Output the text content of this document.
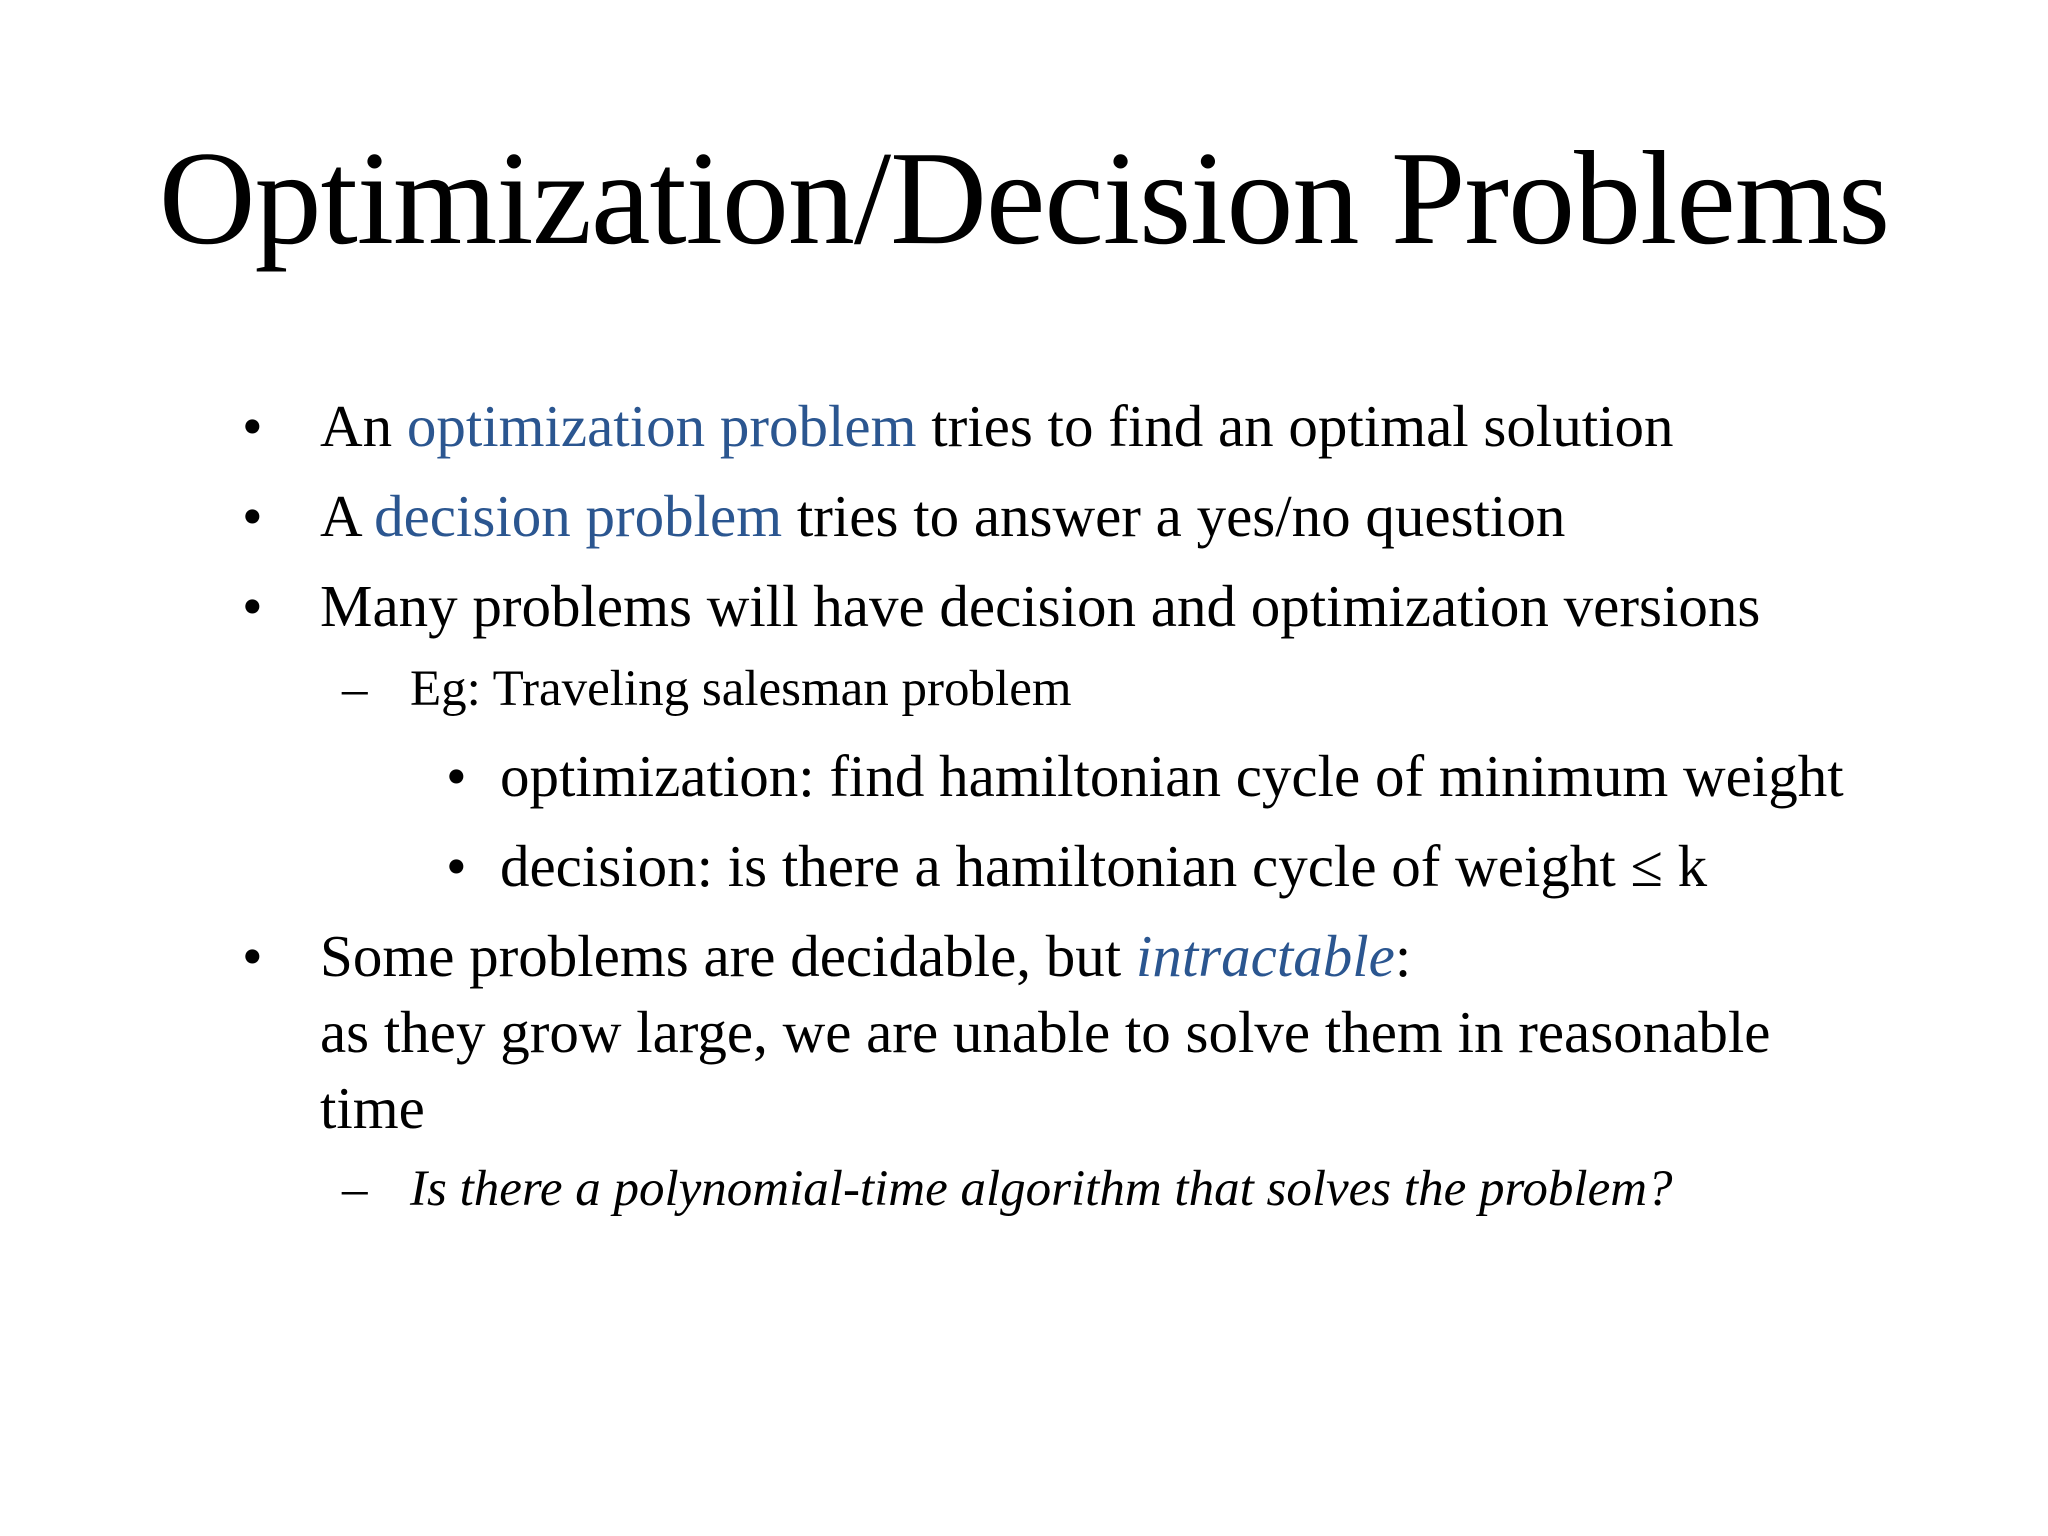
Optimization/Decision Problems
• An optimization problem tries to find an optimal solution
• A decision problem tries to answer a yes/no question
• Many problems will have decision and optimization versions
– Eg: Traveling salesman problem
• optimization: find hamiltonian cycle of minimum weight
• decision: is there a hamiltonian cycle of weight ≤ k
• Some problems are decidable, but intractable:
as they grow large, we are unable to solve them in reasonable
time
– Is there a polynomial-time algorithm that solves the problem?
